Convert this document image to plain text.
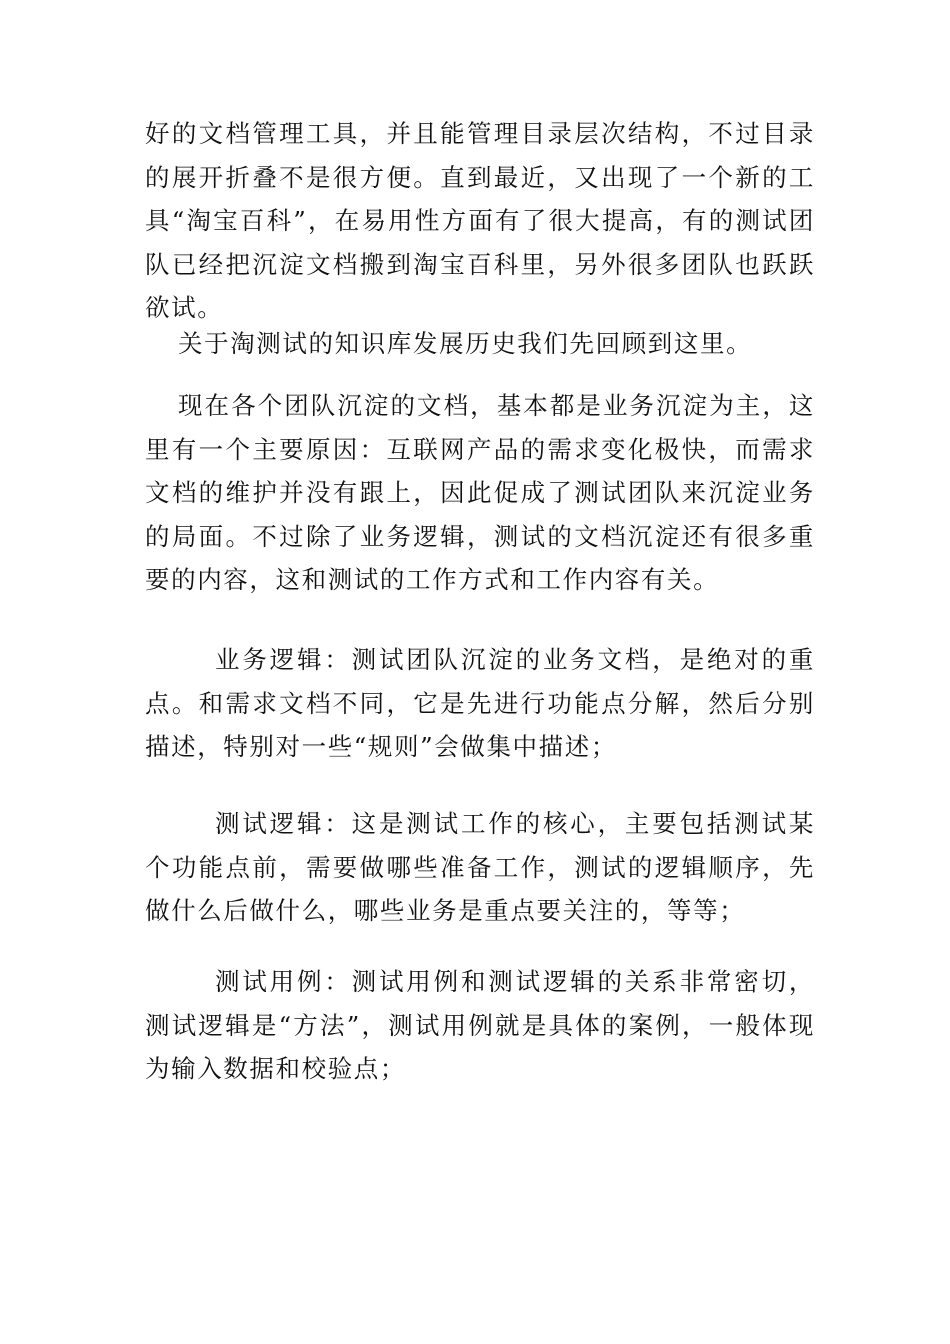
好的文档管理工具，并且能管理目录层次结构，不过目录的展开折叠不是很方便。直到最近，又出现了一个新的工具“淘宝百科”，在易用性方面有了很大提高，有的测试团队已经把沉淀文档搬到淘宝百科里，另外很多团队也跃跃欲试。

关于淘测试的知识库发展历史我们先回顾到这里。

现在各个团队沉淀的文档，基本都是业务沉淀为主，这里有一个主要原因：互联网产品的需求变化极快，而需求文档的维护并没有跟上，因此促成了测试团队来沉淀业务的局面。不过除了业务逻辑，测试的文档沉淀还有很多重要的内容，这和测试的工作方式和工作内容有关。

业务逻辑：测试团队沉淀的业务文档，是绝对的重点。和需求文档不同，它是先进行功能点分解，然后分别描述，特别对一些“规则”会做集中描述；

测试逻辑：这是测试工作的核心，主要包括测试某个功能点前，需要做哪些准备工作，测试的逻辑顺序，先做什么后做什么，哪些业务是重点要关注的，等等；

测试用例：测试用例和测试逻辑的关系非常密切，测试逻辑是“方法”，测试用例就是具体的案例，一般体现为输入数据和校验点；
